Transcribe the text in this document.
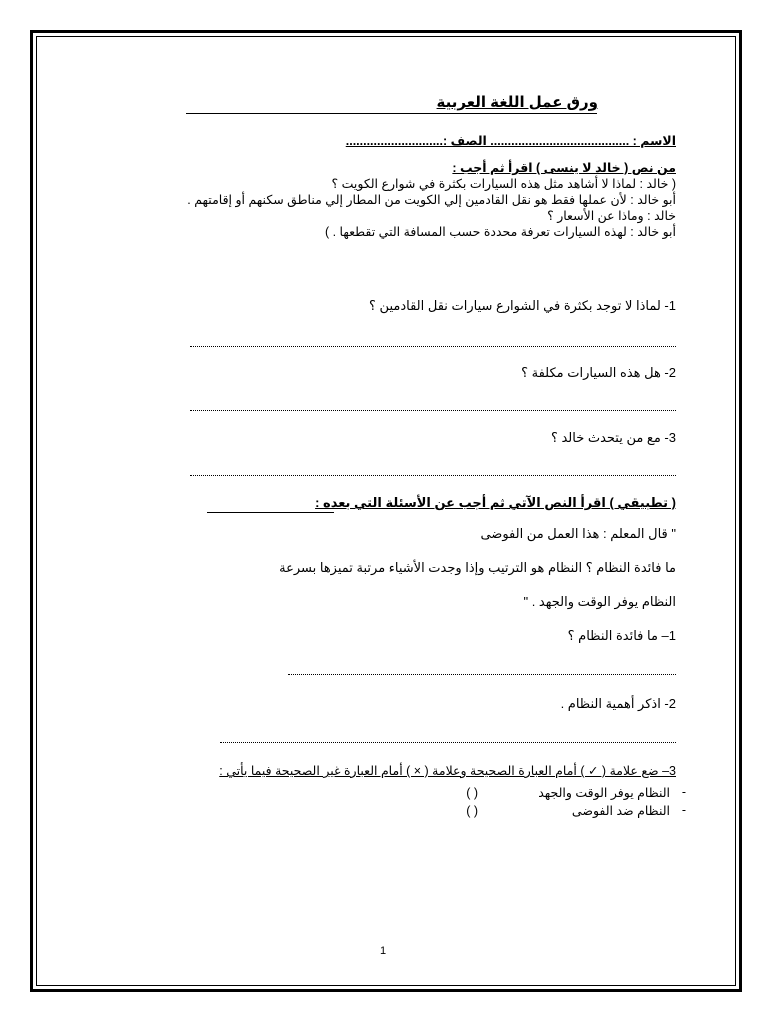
ورق عمل اللغة العربية
الاسم : ........................................ الصف :............................
من نص ( خالد لا ينسى ) اقرأ ثم أجب :
( خالد : لماذا لا أشاهد مثل هذه السيارات بكثرة في شوارع الكويت ؟
أبو خالد : لأن عملها فقط هو نقل القادمين إلي الكويت من المطار إلي مناطق سكنهم أو إقامتهم .
خالد : وماذا عن الأسعار ؟
أبو خالد : لهذه السيارات تعرفة محددة حسب المسافة التي تقطعها . )
1- لماذا لا توجد بكثرة في الشوارع سيارات نقل القادمين ؟
2- هل هذه السيارات مكلفة ؟
3- مع من يتحدث خالد ؟
( تطبيقي ) اقرأ النص الآتي ثم أجب عن الأسئلة التي بعده :
" قال المعلم : هذا العمل من الفوضى
ما فائدة النظام ؟ النظام هو الترتيب وإذا وجدت الأشياء مرتبة تميزها بسرعة
النظام يوفر الوقت والجهد . "
1– ما فائدة النظام ؟
2- اذكر أهمية النظام .
3– ضع علامة ( ✓ ) أمام العبارة الصحيحة وعلامة ( × ) أمام العبارة غير الصحيحة فيما يأتي :
-
النظام يوفر الوقت والجهد
( )
-
النظام ضد الفوضى
( )
1
